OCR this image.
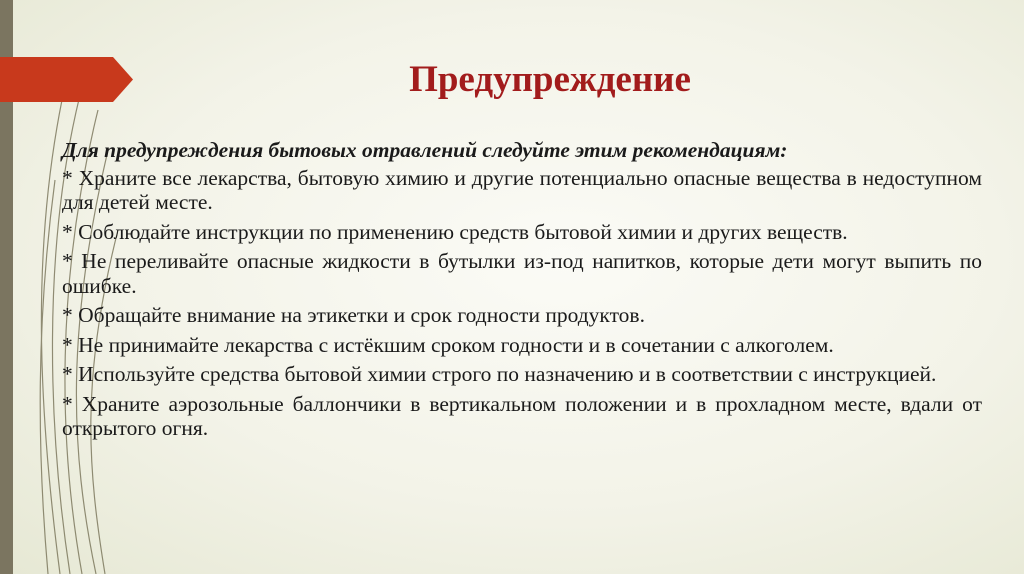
Предупреждение

Для предупреждения бытовых отравлений следуйте этим рекомендациям:

* Храните все лекарства, бытовую химию и другие потенциально опасные вещества в недоступном для детей месте.

* Соблюдайте инструкции по применению средств бытовой химии и других веществ.

* Не переливайте опасные жидкости в бутылки из-под напитков, которые дети могут выпить по ошибке.

* Обращайте внимание на этикетки и срок годности продуктов.

* Не принимайте лекарства с истёкшим сроком годности и в сочетании с алкоголем.

* Используйте средства бытовой химии строго по назначению и в соответствии с инструкцией.

* Храните аэрозольные баллончики в вертикальном положении и в прохладном месте, вдали от открытого огня.
